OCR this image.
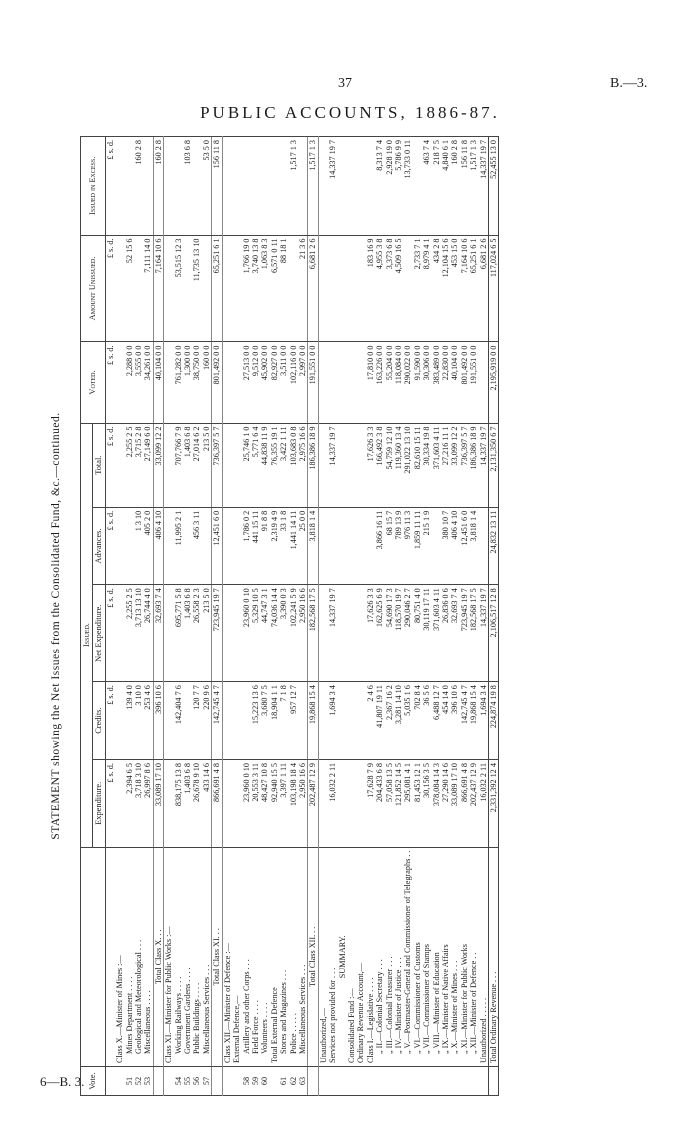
37	B.—3.
PUBLIC ACCOUNTS, 1886-87.
STATEMENT showing the Net Issues from the Consolidated Fund, &c.—continued.
Vote.		Issued.					Voted.	Amount Unissued.	Issued in Excess.
		Expenditure.	Credits.	Net Expenditure.	Advances.	Total.			
		£ s. d.	£ s. d.	£ s. d.	£ s. d.	£ s. d.	£ s. d.	£ s. d.	£ s. d.
	Class X.—Minister of Mines :—								
51	Mines Department . . . .	2,394 6 5	139 4 0	2,255 2 5		2,255 2 5	2,288 0 0	52 15 6	
52	Geological and Meteorological . . .	3,718 3 10	3 10 0	3,713 13 10	1 3 10	3,715 2 8	3,555 0 0		160 2 8
53	Miscellaneous . . . .	26,997 8 6	253 4 6	26,744 4 0	405 2 0	27,149 6 0	34,261 0 0	7,111 14 0	
	Total Class X. . .	33,089 17 10	396 10 6	32,693 7 4	406 4 10	33,099 12 2	40,104 0 0	7,164 10 6	160 2 8
	Class XI.—Minister for Public Works :—								
54	Working Railways . . . .	838,175 13 8	142,404 7 6	695,771 5 8	11,995 2 1	707,766 7 9	761,282 0 0	53,515 12 3	
55	Government Gardens . . . .	1,403 6 8		1,403 6 8		1,403 6 8	1,300 0 0		103 6 8
56	Public Buildings . . . .	26,678 9 10	120 7 7	26,558 2 3	456 3 11	27,014 6 2	38,750 0 0	11,735 13 10	
57	Miscellaneous Services . . .	433 14 6	220 9 6	213 5 0		213 5 0	160 0 0		53 5 0
	Total Class XI. . .	866,691 4 8	142,745 4 7	723,945 19 7	12,451 6 0	736,397 5 7	801,492 0 0	65,251 6 1	156 11 8
	Class XII.—Minister of Defence :—								
	External Defence,—								
58	Artillery and other Corps . . .	23,960 0 10		23,960 0 10	1,786 0 2	25,746 1 0	27,513 0 0	1,766 19 0	
59	Field Force . . . .	20,553 3 11	15,223 13 6	5,329 10 5	441 15 11	5,771 6 4	9,512 0 0	3,740 13 8	
60	Volunteers . . . .	48,427 10 8	3,680 7 5	44,747 3 1	91 8 8	44,838 11 9	45,902 0 0	1,063 8 3	
	Total External Defence	92,940 15 5	18,904 1 1	74,036 14 4	2,319 4 9	76,355 19 1	82,927 0 0	6,571 0 11	
61	Stores and Magazines . . .	3,397 1 11	7 1 8	3,390 0 3	33 1 8	3,422 1 11	3,511 0 0	88 18 1	
62	Police . . . . .	103,198 18 4	957 12 7	102,241 5 9	1,441 14 11	103,683 0 8	102,116 0 0		1,517 1 3
63	Miscellaneous Services . . .	2,950 16 6		2,950 16 6	25 0 0	2,975 16 6	2,997 0 0	21 3 6	
	Total Class XII. . .	202,487 12 9	19,868 15 4	182,568 17 5	3,818 1 4	186,386 18 9	191,551 0 0	6,681 2 6	1,517 1 3
	Unauthorized,—								
	Services not provided for . . .	16,032 2 11	1,694 3 4	14,337 19 7		14,337 19 7			14,337 19 7
	SUMMARY.								
	Consolidated Fund :—								
	Ordinary Revenue Account,—								
	Class I.—Legislative . . . .	17,628 7 9	2 4 6	17,626 3 3		17,626 3 3	17,810 0 0	183 16 9	
	„ II.—Colonial Secretary . . .	204,433 6 8	41,807 19 11	162,625 6 9	3,866 16 11	166,492 3 8	163,226 0 0	4,955 3 8	8,313 7 4
	„ III.—Colonial Treasurer . . .	57,058 13 5	2,367 16 2	54,690 17 3	68 15 7	54,759 12 10	55,204 0 0	3,373 6 8	2,928 19 0
	„ IV.—Minister of Justice . . .	121,852 14 5	3,281 14 10	118,570 19 7	789 13 9	119,360 13 4	118,084 0 0	4,509 16 5	5,786 9 9
	„ V.—Postmaster-General and Commissioner of Telegraphs . .	295,081 4 1	5,035 1 6	290,046 2 7	976 11 3	291,022 13 10	290,022 0 0		13,733 0 11
	„ VI.—Commissioner of Customs	81,453 12 1	702 8 4	80,751 4 0	1,859 11 11	82,610 15 11	91,590 0 0	2,733 7 1	
	„ VII.—Commissioner of Stamps	30,156 3 5	36 5 6	30,119 17 11	215 1 9	30,334 19 8	30,306 0 0	8,979 4 1	463 7 4
	„ VIII.—Minister of Education	378,084 14 3	6,488 12 7	371,603 4 11		371,603 4 11	383,489 0 0	434 2 8	218 7 5
	„ IX.—Minister of Native Affairs	27,290 14 6	454 14 0	26,836 0 6	380 10 7	27,216 11 1	22,830 0 0	12,104 15 6	4,840 6 1
	„ X.—Minister of Mines . . .	33,089 17 10	396 10 6	32,693 7 4	406 4 10	33,099 12 2	40,104 0 0	453 15 0	160 2 8
	„ XI.—Minister for Public Works	866,691 4 8	142,745 4 7	723,945 19 7	12,451 6 0	736,397 5 7	801,492 0 0	7,164 10 6	156 11 8
	„ XII.—Minister of Defence . .	202,437 12 9	19,868 15 4	182,568 17 5	3,818 1 4	186,386 18 9	191,551 0 0	65,251 6 1	1,517 1 3
	Unauthorized . . . . .	16,032 2 11	1,694 3 4	14,337 19 7		14,337 19 7		6,681 2 6	14,337 19 7
	Total Ordinary Revenue . . .	2,331,392 12 4	224,874 19 8	2,106,517 12 8	24,832 13 11	2,131,350 6 7	2,195,919 0 0	117,024 6 5	52,455 13 0
6—B. 3.
